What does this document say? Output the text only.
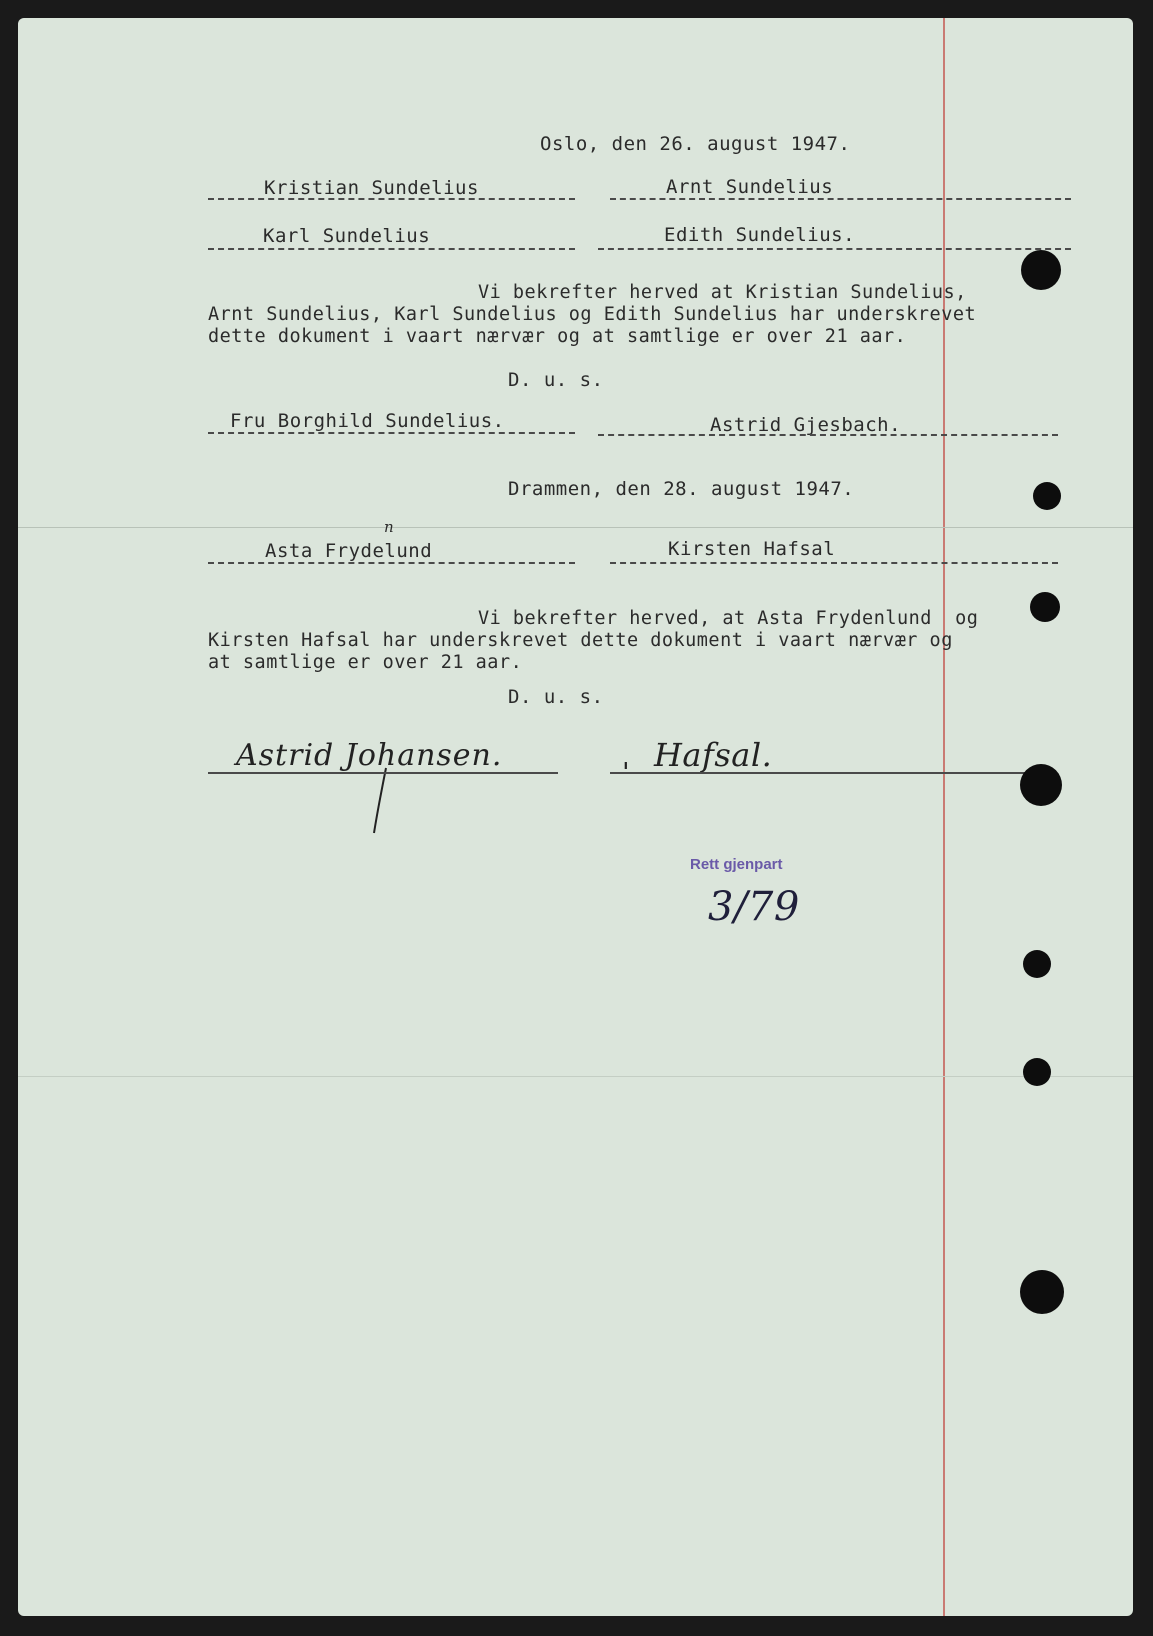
Oslo, den 26. august 1947.
Kristian Sundelius	Arnt Sundelius
Karl Sundelius	Edith Sundelius.
Vi bekrefter herved at Kristian Sundelius,
Arnt Sundelius, Karl Sundelius og Edith Sundelius har underskrevet
dette dokument i vaart nærvær og at samtlige er over 21 aar.
D. u. s.
Fru Borghild Sundelius.	Astrid Gjesbach.
Drammen, den 28. august 1947.
n
Asta Frydelund	Kirsten Hafsal
Vi bekrefter herved, at Asta Frydenlund  og
Kirsten Hafsal har underskrevet dette dokument i vaart nærvær og
at samtlige er over 21 aar.
D. u. s.
Astrid Johansen.	' Hafsal.
Rett gjenpart
3/79
